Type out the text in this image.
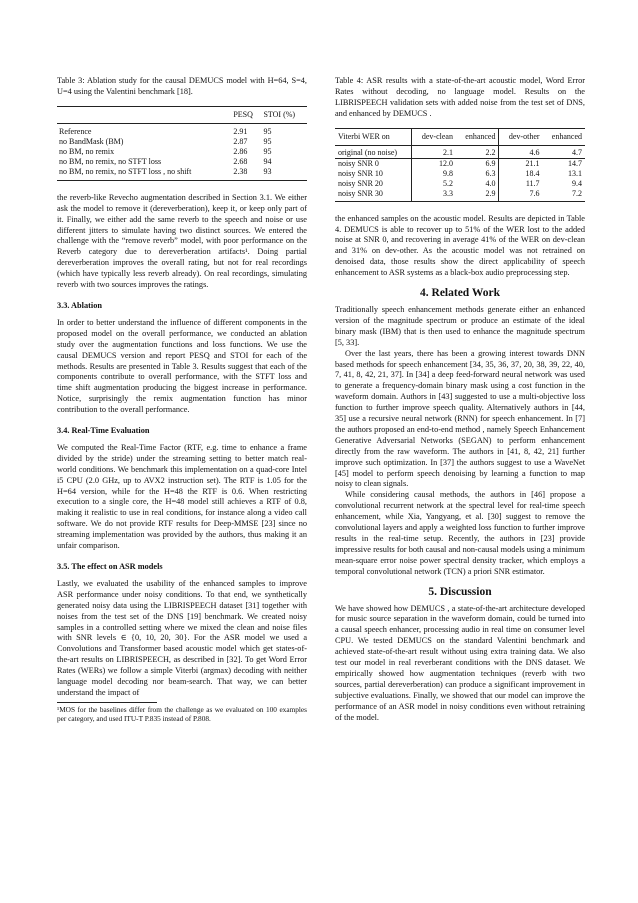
Table 3: Ablation study for the causal DEMUCS model with H=64, S=4, U=4 using the Valentini benchmark [18].

	PESQ	STOI (%)
Reference	2.91	95
no BandMask (BM)	2.87	95
no BM, no remix	2.86	95
no BM, no remix, no STFT loss	2.68	94
no BM, no remix, no STFT loss , no shift	2.38	93

the reverb-like Revecho augmentation described in Section 3.1. We either ask the model to remove it (dereverberation), keep it, or keep only part of it. Finally, we either add the same reverb to the speech and noise or use different jitters to simulate having two distinct sources. We entered the challenge with the “remove reverb” model, with poor performance on the Reverb category due to dereverberation artifacts¹. Doing partial dereverberation improves the overall rating, but not for real recordings (which have typically less reverb already). On real recordings, simulating reverb with two sources improves the ratings.

3.3. Ablation

In order to better understand the influence of different components in the proposed model on the overall performance, we conducted an ablation study over the augmentation functions and loss functions. We use the causal DEMUCS version and report PESQ and STOI for each of the methods. Results are presented in Table 3. Results suggest that each of the components contribute to overall performance, with the STFT loss and time shift augmentation producing the biggest increase in performance. Notice, surprisingly the remix augmentation function has minor contribution to the overall performance.

3.4. Real-Time Evaluation

We computed the Real-Time Factor (RTF, e.g. time to enhance a frame divided by the stride) under the streaming setting to better match real-world conditions. We benchmark this implementation on a quad-core Intel i5 CPU (2.0 GHz, up to AVX2 instruction set). The RTF is 1.05 for the H=64 version, while for the H=48 the RTF is 0.6. When restricting execution to a single core, the H=48 model still achieves a RTF of 0.8, making it realistic to use in real conditions, for instance along a video call software. We do not provide RTF results for Deep-MMSE [23] since no streaming implementation was provided by the authors, thus making it an unfair comparison.

3.5. The effect on ASR models

Lastly, we evaluated the usability of the enhanced samples to improve ASR performance under noisy conditions. To that end, we synthetically generated noisy data using the LIBRISPEECH dataset [31] together with noises from the test set of the DNS [19] benchmark. We created noisy samples in a controlled setting where we mixed the clean and noise files with SNR levels ∈ {0, 10, 20, 30}. For the ASR model we used a Convolutions and Transformer based acoustic model which get states-of-the-art results on LIBRISPEECH, as described in [32]. To get Word Error Rates (WERs) we follow a simple Viterbi (argmax) decoding with neither language model decoding nor beam-search. That way, we can better understand the impact of

¹MOS for the baselines differ from the challenge as we evaluated on 100 examples per category, and used ITU-T P.835 instead of P.808.

Table 4: ASR results with a state-of-the-art acoustic model, Word Error Rates without decoding, no language model. Results on the LIBRISPEECH validation sets with added noise from the test set of DNS, and enhanced by DEMUCS .

Viterbi WER on	dev-clean	enhanced	dev-other	enhanced
original (no noise)	2.1	2.2	4.6	4.7
noisy SNR 0	12.0	6.9	21.1	14.7
noisy SNR 10	9.8	6.3	18.4	13.1
noisy SNR 20	5.2	4.0	11.7	9.4
noisy SNR 30	3.3	2.9	7.6	7.2

the enhanced samples on the acoustic model. Results are depicted in Table 4. DEMUCS is able to recover up to 51% of the WER lost to the added noise at SNR 0, and recovering in average 41% of the WER on dev-clean and 31% on dev-other. As the acoustic model was not retrained on denoised data, those results show the direct applicability of speech enhancement to ASR systems as a black-box audio preprocessing step.

4. Related Work

Traditionally speech enhancement methods generate either an enhanced version of the magnitude spectrum or produce an estimate of the ideal binary mask (IBM) that is then used to enhance the magnitude spectrum [5, 33].

Over the last years, there has been a growing interest towards DNN based methods for speech enhancement [34, 35, 36, 37, 20, 38, 39, 22, 40, 7, 41, 8, 42, 21, 37]. In [34] a deep feed-forward neural network was used to generate a frequency-domain binary mask using a cost function in the waveform domain. Authors in [43] suggested to use a multi-objective loss function to further improve speech quality. Alternatively authors in [44, 35] use a recursive neural network (RNN) for speech enhancement. In [7] the authors proposed an end-to-end method , namely Speech Enhancement Generative Adversarial Networks (SEGAN) to perform enhancement directly from the raw waveform. The authors in [41, 8, 42, 21] further improve such optimization. In [37] the authors suggest to use a WaveNet [45] model to perform speech denoising by learning a function to map noisy to clean signals.

While considering causal methods, the authors in [46] propose a convolutional recurrent network at the spectral level for real-time speech enhancement, while Xia, Yangyang, et al. [30] suggest to remove the convolutional layers and apply a weighted loss function to further improve results in the real-time setup. Recently, the authors in [23] provide impressive results for both causal and non-causal models using a minimum mean-square error noise power spectral density tracker, which employs a temporal convolutional network (TCN) a priori SNR estimator.

5. Discussion

We have showed how DEMUCS , a state-of-the-art architecture developed for music source separation in the waveform domain, could be turned into a causal speech enhancer, processing audio in real time on consumer level CPU. We tested DEMUCS on the standard Valentini benchmark and achieved state-of-the-art result without using extra training data. We also test our model in real reverberant conditions with the DNS dataset. We empirically showed how augmentation techniques (reverb with two sources, partial dereverberation) can produce a significant improvement in subjective evaluations. Finally, we showed that our model can improve the performance of an ASR model in noisy conditions even without retraining of the model.
